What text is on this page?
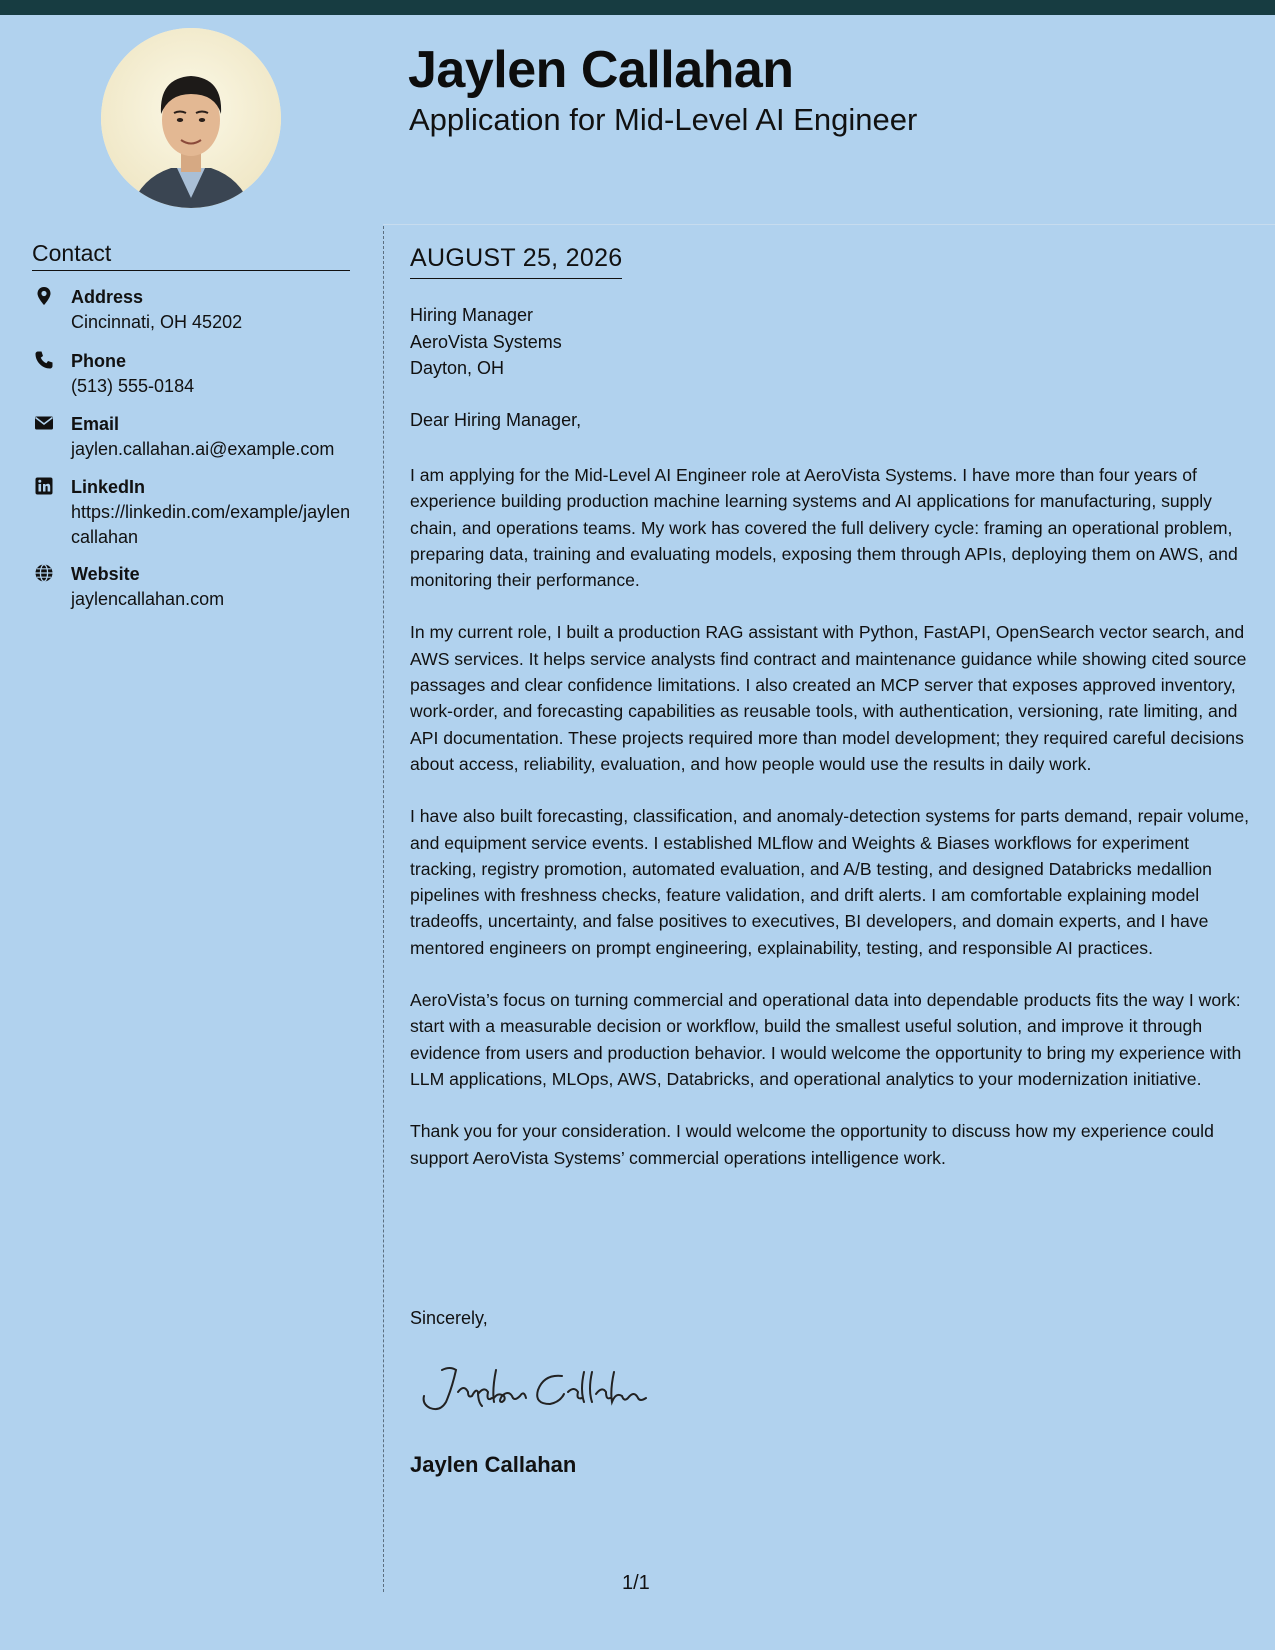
Jaylen Callahan
Application for Mid-Level AI Engineer
Contact
Address
Cincinnati, OH 45202
Phone
(513) 555-0184
Email
jaylen.callahan.ai@example.com
LinkedIn
https://linkedin.com/example/jaylencallahan
Website
jaylencallahan.com
AUGUST 25, 2026
Hiring Manager
AeroVista Systems
Dayton, OH
Dear Hiring Manager,

I am applying for the Mid-Level AI Engineer role at AeroVista Systems. I have more than four years of experience building production machine learning systems and AI applications for manufacturing, supply chain, and operations teams. My work has covered the full delivery cycle: framing an operational problem, preparing data, training and evaluating models, exposing them through APIs, deploying them on AWS, and monitoring their performance.

In my current role, I built a production RAG assistant with Python, FastAPI, OpenSearch vector search, and AWS services. It helps service analysts find contract and maintenance guidance while showing cited source passages and clear confidence limitations. I also created an MCP server that exposes approved inventory, work-order, and forecasting capabilities as reusable tools, with authentication, versioning, rate limiting, and API documentation. These projects required more than model development; they required careful decisions about access, reliability, evaluation, and how people would use the results in daily work.

I have also built forecasting, classification, and anomaly-detection systems for parts demand, repair volume, and equipment service events. I established MLflow and Weights & Biases workflows for experiment tracking, registry promotion, automated evaluation, and A/B testing, and designed Databricks medallion pipelines with freshness checks, feature validation, and drift alerts. I am comfortable explaining model tradeoffs, uncertainty, and false positives to executives, BI developers, and domain experts, and I have mentored engineers on prompt engineering, explainability, testing, and responsible AI practices.

AeroVista’s focus on turning commercial and operational data into dependable products fits the way I work: start with a measurable decision or workflow, build the smallest useful solution, and improve it through evidence from users and production behavior. I would welcome the opportunity to bring my experience with LLM applications, MLOps, AWS, Databricks, and operational analytics to your modernization initiative.

Thank you for your consideration. I would welcome the opportunity to discuss how my experience could support AeroVista Systems’ commercial operations intelligence work.

Sincerely,
Jaylen Callahan
1/1
